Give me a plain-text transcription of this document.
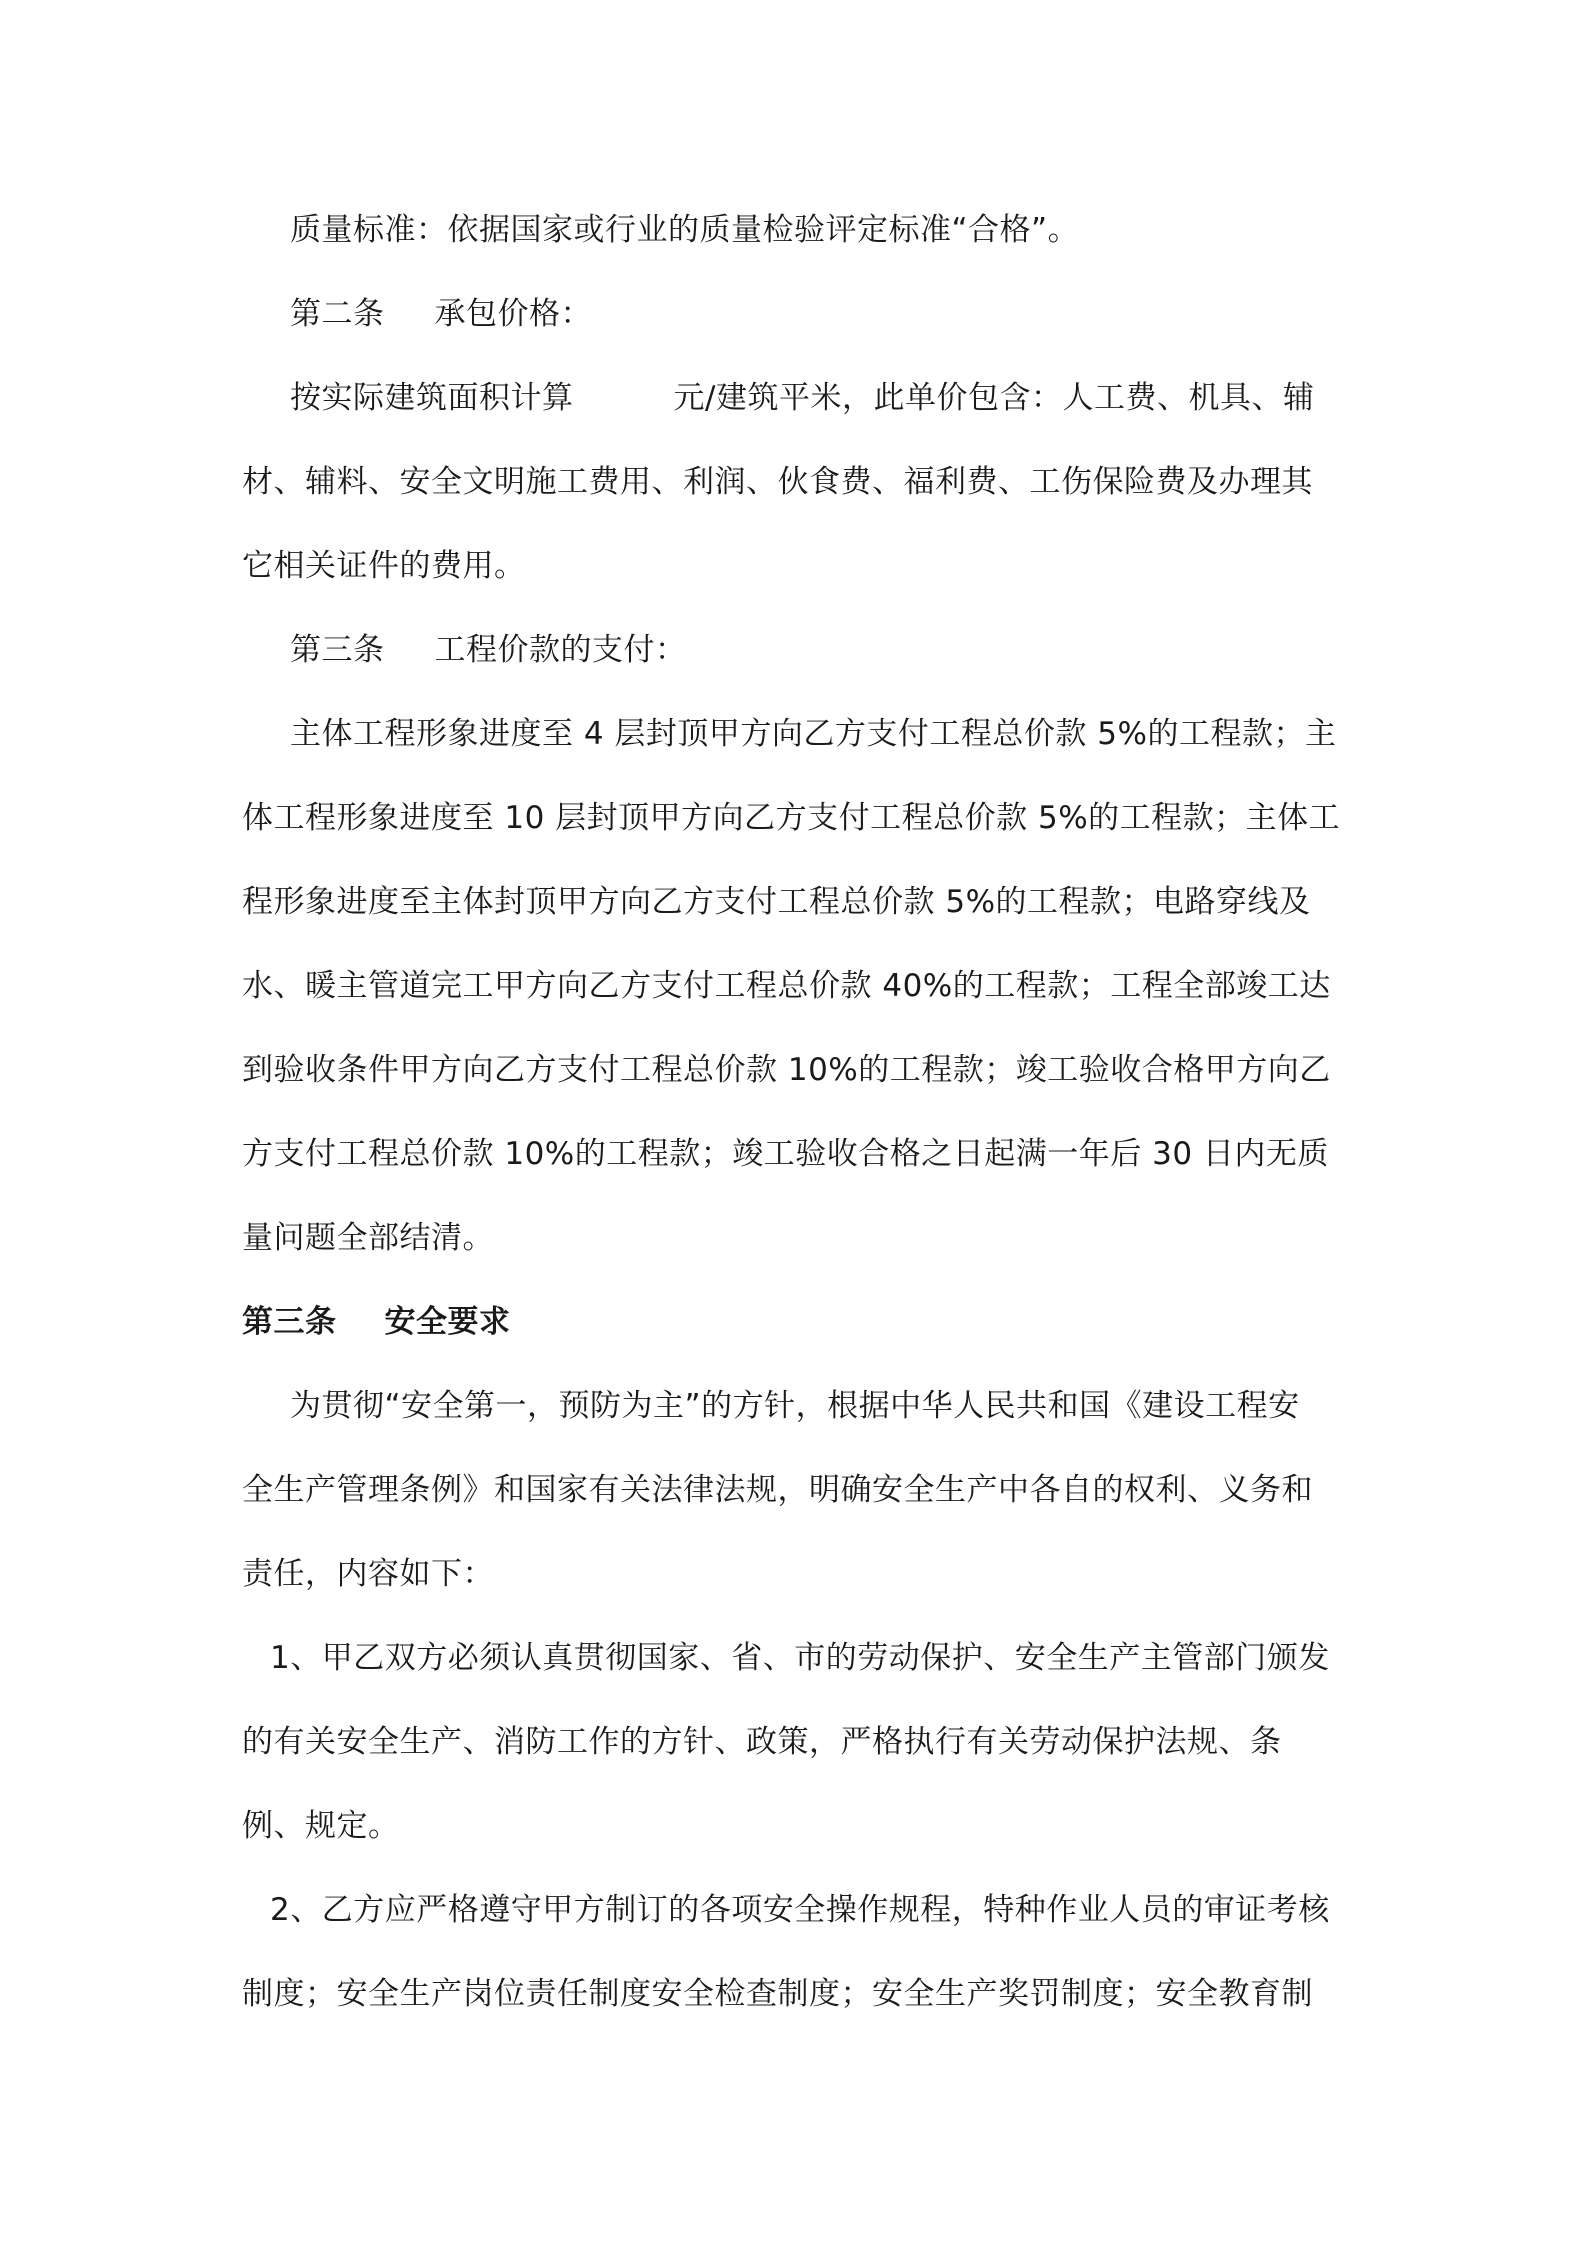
质量标准：依据国家或行业的质量检验评定标准“合格”。
第二条 承包价格：
按实际建筑面积计算	元/建筑平米，此单价包含：人工费、机具、辅
材、辅料、安全文明施工费用、利润、伙食费、福利费、工伤保险费及办理其
它相关证件的费用。
第三条 工程价款的支付：
主体工程形象进度至 4 层封顶甲方向乙方支付工程总价款 5%的工程款；主
体工程形象进度至 10 层封顶甲方向乙方支付工程总价款 5%的工程款；主体工
程形象进度至主体封顶甲方向乙方支付工程总价款 5%的工程款；电路穿线及
水、暖主管道完工甲方向乙方支付工程总价款 40%的工程款；工程全部竣工达
到验收条件甲方向乙方支付工程总价款 10%的工程款；竣工验收合格甲方向乙
方支付工程总价款 10%的工程款；竣工验收合格之日起满一年后 30 日内无质
量问题全部结清。
第三条 安全要求
为贯彻“安全第一，预防为主”的方针，根据中华人民共和国《建设工程安
全生产管理条例》和国家有关法律法规，明确安全生产中各自的权利、义务和
责任，内容如下：
1、甲乙双方必须认真贯彻国家、省、市的劳动保护、安全生产主管部门颁发
的有关安全生产、消防工作的方针、政策，严格执行有关劳动保护法规、条
例、规定。
2、乙方应严格遵守甲方制订的各项安全操作规程，特种作业人员的审证考核
制度；安全生产岗位责任制度安全检查制度；安全生产奖罚制度；安全教育制
